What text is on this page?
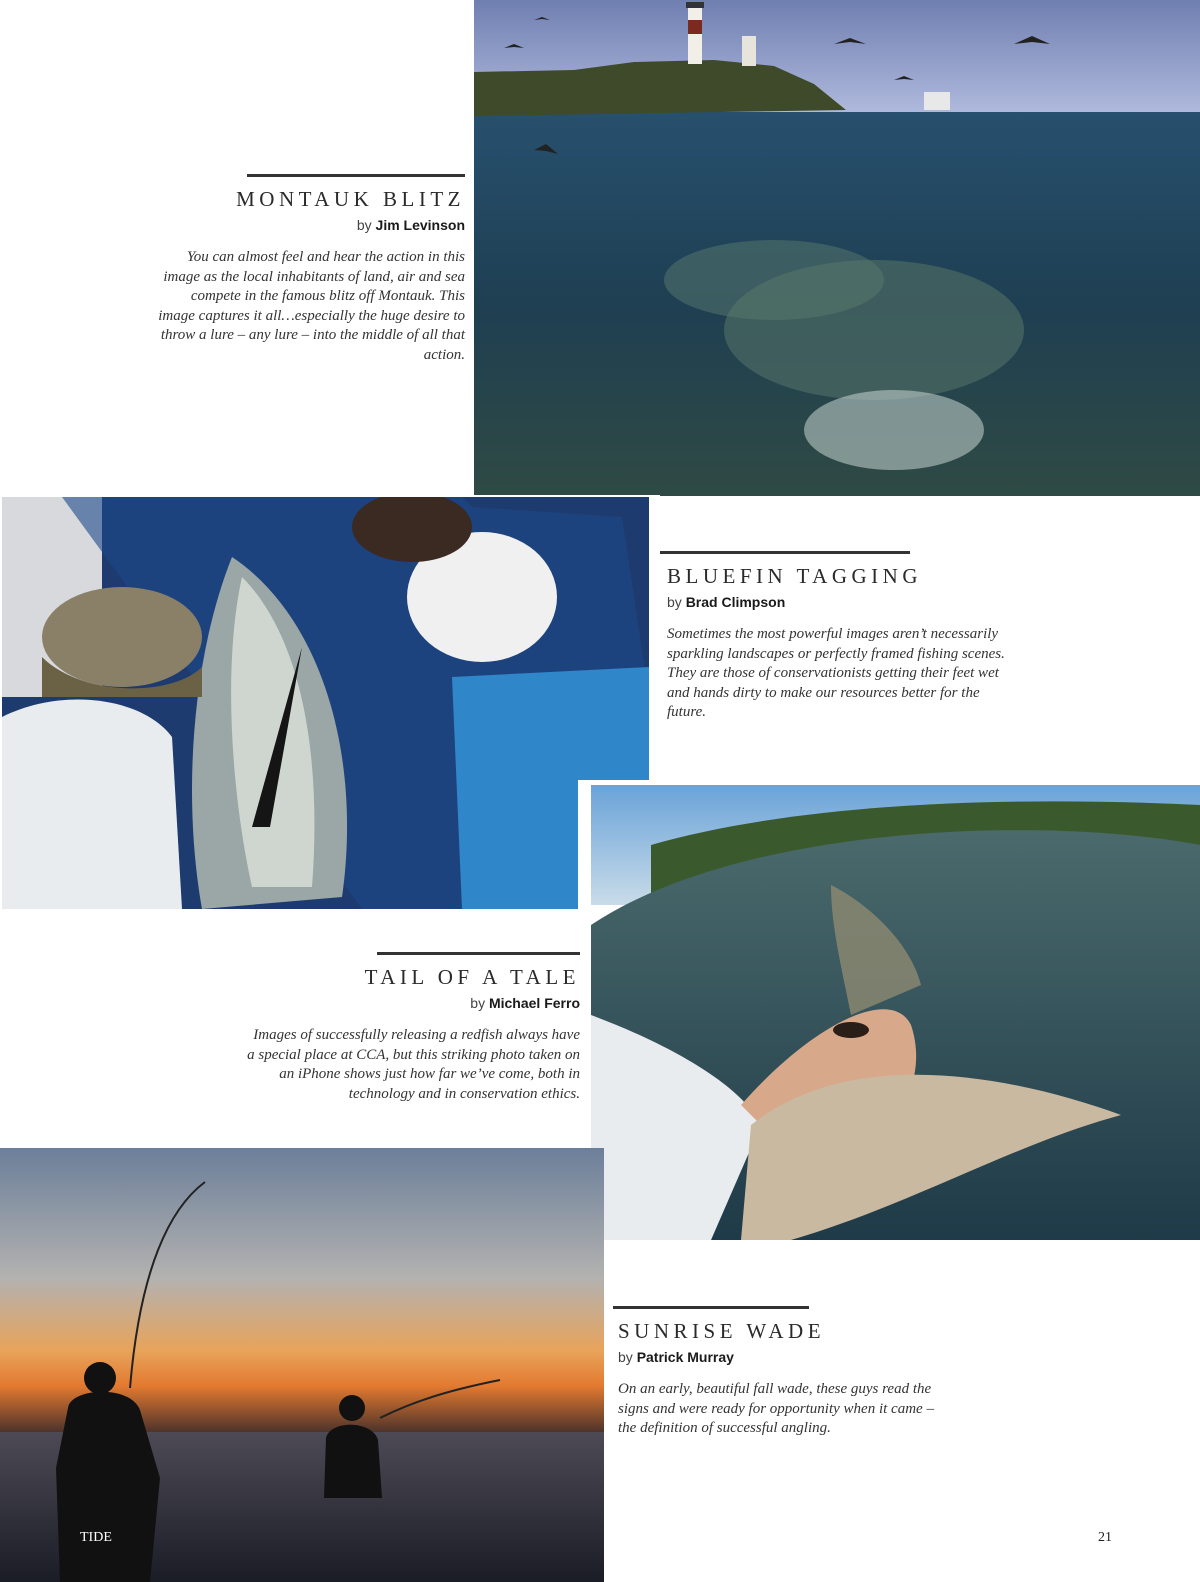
MONTAUK BLITZ
by Jim Levinson
You can almost feel and hear the action in this image as the local inhabitants of land, air and sea compete in the famous blitz off Montauk. This image captures it all…especially the huge desire to throw a lure – any lure – into the middle of all that action.
BLUEFIN TAGGING
by Brad Climpson
Sometimes the most powerful images aren’t necessarily sparkling landscapes or perfectly framed fishing scenes. They are those of conservationists getting their feet wet and hands dirty to make our resources better for the future.
TAIL OF A TALE
by Michael Ferro
Images of successfully releasing a redfish always have a special place at CCA, but this striking photo taken on an iPhone shows just how far we’ve come, both in technology and in conservation ethics.
SUNRISE WADE
by Patrick Murray
On an early, beautiful fall wade, these guys read the signs and were ready for opportunity when it came – the definition of successful angling.
TIDE	21
